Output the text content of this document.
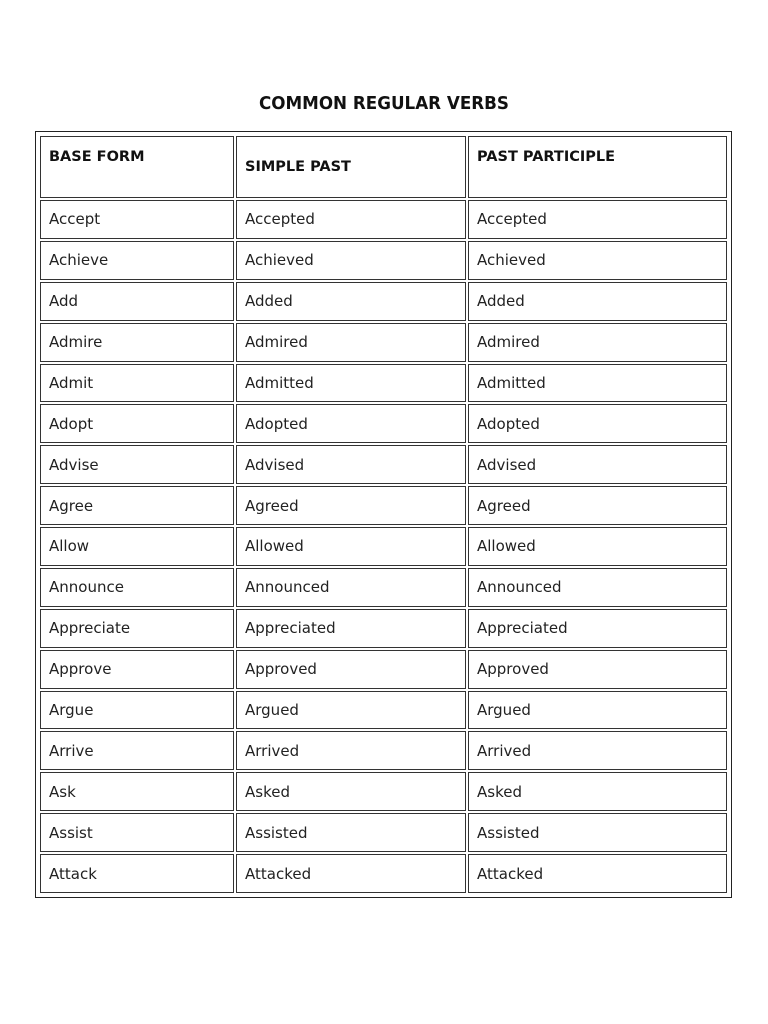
COMMON REGULAR VERBS
BASE FORM	SIMPLE PAST	PAST PARTICIPLE
Accept	Accepted	Accepted
Achieve	Achieved	Achieved
Add	Added	Added
Admire	Admired	Admired
Admit	Admitted	Admitted
Adopt	Adopted	Adopted
Advise	Advised	Advised
Agree	Agreed	Agreed
Allow	Allowed	Allowed
Announce	Announced	Announced
Appreciate	Appreciated	Appreciated
Approve	Approved	Approved
Argue	Argued	Argued
Arrive	Arrived	Arrived
Ask	Asked	Asked
Assist	Assisted	Assisted
Attack	Attacked	Attacked
